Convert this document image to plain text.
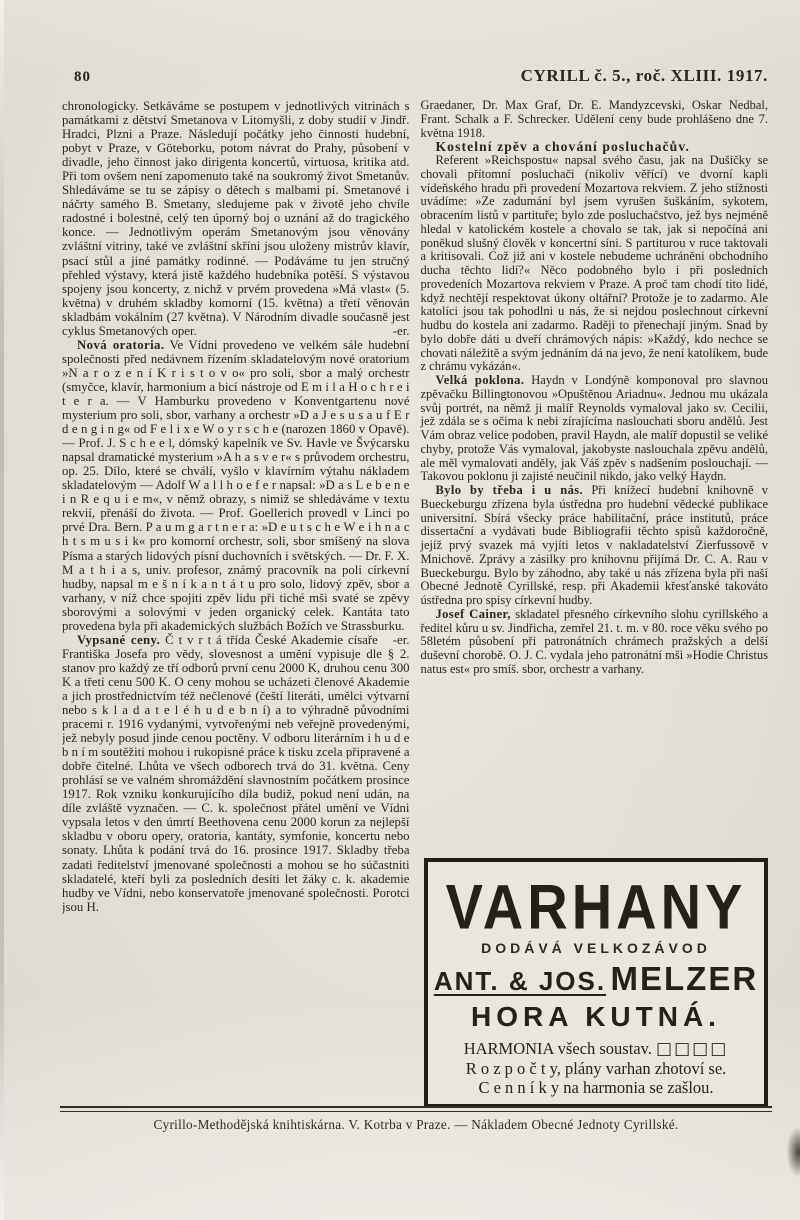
80	CYRILL č. 5., roč. XLIII. 1917.

chronologicky. Setkáváme se postupem v jednotlivých vitrinách s památkami z dětství Smetanova v Litomyšli, z doby studií v Jindř. Hradci, Plzni a Praze. Následují počátky jeho činnosti hudební, pobyt v Praze, v Göteborku, potom návrat do Prahy, působení v divadle, jeho činnost jako dirigenta koncertů, virtuosa, kritika atd. Při tom ovšem není zapomenuto také na soukromý život Smetanův. Shledáváme se tu se zápisy o dětech s malbami pí. Smetanové i náčrty samého B. Smetany, sledujeme pak v životě jeho chvíle radostné i bolestné, celý ten úporný boj o uznání až do tragického konce. — Jednotlivým operám Smetanovým jsou věnovány zvláštní vitriny, také ve zvláštní skříni jsou uloženy mistrův klavír, psací stůl a jiné památky rodinné. — Podáváme tu jen stručný přehled výstavy, která jistě každého hudebníka potěší. S výstavou spojeny jsou koncerty, z nichž v prvém provedena »Má vlast« (5. května) v druhém skladby komorní (15. května) a třetí věnován skladbám vokálním (27 května). V Národním divadle současně jest cyklus Smetanových oper.	-er.

Nová oratoria. Ve Vídni provedeno ve velkém sále hudební společnosti před nedávnem řízením skladatelovým nové oratorium »N a r o z e n í K r i s t o v o« pro soli, sbor a malý orchestr (smyčce, klavír, harmonium a bicí nástroje od E m i l a H o c h r e i t e r a. — V Hamburku provedeno v Konventgartenu nové mysterium pro soli, sbor, varhany a orchestr »D a J e s u s a u f E r d e n g i n g« od F e l i x e W o y r s c h e (narozen 1860 v Opavě). — Prof. J. S c h e e l, dómský kapelník ve Sv. Havle ve Švýcarsku napsal dramatické mysterium »A h a s v e r« s průvodem orchestru, op. 25. Dílo, které se chválí, vyšlo v klavírním výtahu nákladem skladatelovým — Adolf W a l l h o e f e r napsal: »D a s L e b e n e i n R e q u i e m«, v němž obrazy, s nimiž se shledáváme v textu rekvií, přenáší do života. — Prof. Goellerich provedl v Linci po prvé Dra. Bern. P a u m g a r t n e r a: »D e u t s c h e W e i h n a c h t s m u s i k« pro komorní orchestr, soli, sbor smíšený na slova Písma a starých lidových písní duchovních i světských. — Dr. F. X. M a t h i a s, univ. profesor, známý pracovník na poli církevní hudby, napsal m e š n í k a n t á t u pro solo, lidový zpěv, sbor a varhany, v níž chce spojiti zpěv lidu při tiché mši svaté se zpěvy sborovými a solovými v jeden organický celek. Kantáta tato provedena byla při akademických službách Božích ve Strassburku.
-er.

Vypsané ceny. Č t v r t á třída České Akademie císaře Františka Josefa pro vědy, slovesnost a umění vypisuje dle § 2. stanov pro každý ze tří odborů první cenu 2000 K, druhou cenu 300 K a třetí cenu 500 K. O ceny mohou se ucházeti členové Akademie a jich prostřednictvím též nečlenové (čeští literáti, umělci výtvarní nebo s k l a d a t e l é h u d e b n í) a to výhradně původními pracemi r. 1916 vydanými, vytvořenými neb veřejně provedenými, jež nebyly posud jinde cenou poctěny. V odboru literárním i h u d e b n í m soutěžiti mohou i rukopisné práce k tisku zcela připravené a dobře čitelné. Lhůta ve všech odborech trvá do 31. května. Ceny prohlásí se ve valném shromáždění slavnostním počátkem prosince 1917. Rok vzniku konkurujícího díla budiž, pokud není udán, na díle zvláště vyznačen. — C. k. společnost přátel umění ve Vídni vypsala letos v den úmrtí Beethovena cenu 2000 korun za nejlepší skladbu v oboru opery, oratoria, kantáty, symfonie, koncertu nebo sonaty. Lhůta k podání trvá do 16. prosince 1917. Skladby třeba zadati ředitelství jmenované společnosti a mohou se ho súčastniti skladatelé, kteří byli za posledních desíti let žáky c. k. akademie hudby ve Vídni, nebo konservatoře jmenované společnosti. Porotci jsou H.

Graedaner, Dr. Max Graf, Dr. E. Mandyzcevski, Oskar Nedbal, Frant. Schalk a F. Schrecker. Udělení ceny bude prohlášeno dne 7. května 1918.

Kostelní zpěv a chování posluchačův.

Referent »Reichspostu« napsal svého času, jak na Dušičky se chovali přítomní posluchači (nikoliv věřící) ve dvorní kapli vídeňského hradu při provedení Mozartova rekviem. Z jeho stížnosti uvádíme: »Ze zadumání byl jsem vyrušen šuškáním, sykotem, obracením listů v partituře; bylo zde posluchačstvo, jež bys nejméně hledal v katolickém kostele a chovalo se tak, jak si nepočíná ani poněkud slušný člověk v koncertní síni. S partiturou v ruce taktovali a kritisovali. Což již ani v kostele nebudeme uchráněni obchodního ducha těchto lidí?« Něco podobného bylo i při posledních provedeních Mozartova rekviem v Praze. A proč tam chodí tito lidé, když nechtějí respektovat úkony oltářní? Protože je to zadarmo. Ale katolíci jsou tak pohodlni u nás, že si nejdou poslechnout církevní hudbu do kostela ani zadarmo. Raději to přenechají jiným. Snad by bylo dobře dáti u dveří chrámových nápis: »Každý, kdo nechce se chovati náležitě a svým jednáním dá na jevo, že není katolíkem, bude z chrámu vykázán«.

Velká poklona. Haydn v Londýně komponoval pro slavnou zpěvačku Billingtonovou »Opuštěnou Ariadnu«. Jednou mu ukázala svůj portrét, na němž ji malíř Reynolds vymaloval jako sv. Cecilii, jež zdála se s očima k nebi zírajícíma naslouchati sboru andělů. Jest Vám obraz velice podoben, pravil Haydn, ale malíř dopustil se veliké chyby, protože Vás vymaloval, jakobyste naslouchala zpěvu andělů, ale měl vymalovati anděly, jak Váš zpěv s nadšením poslouchají. — Takovou poklonu ji zajisté neučinil nikdo, jako velký Haydn.

Bylo by třeba i u nás. Při knížecí hudební knihovně v Bueckeburgu zřízena byla ústředna pro hudební vědecké publikace universitní. Sbírá všecky práce habilitační, práce institutů, práce dissertační a vydávati bude Bibliografii těchto spisů každoročně, jejíž prvý svazek má vyjíti letos v nakladatelství Zierfussově v Mnichově. Zprávy a zásilky pro knihovnu přijímá Dr. C. A. Rau v Bueckeburgu. Bylo by záhodno, aby také u nás zřízena byla při naší Obecné Jednotě Cyrillské, resp. při Akademii křesťanské takováto ústředna pro spisy církevní hudby.

Josef Cainer, skladatel přesného církevního slohu cyrillského a ředitel kůru u sv. Jindřicha, zemřel 21. t. m. v 80. roce věku svého po 58letém působení při patronátních chrámech pražských a delší duševní chorobě. O. J. C. vydala jeho patronátní mši »Hodie Christus natus est« pro smíš. sbor, orchestr a varhany.

VARHANY
DODÁVÁ VELKOZÁVOD
ANT. & JOS. MELZER
HORA KUTNÁ.
HARMONIA všech soustav. □□□□
R o z p o č t y, plány varhan zhotoví se.
C e n n í k y na harmonia se zašlou.
Cyrillo-Methodějská knihtiskárna. V. Kotrba v Praze. — Nákladem Obecné Jednoty Cyrillské.
